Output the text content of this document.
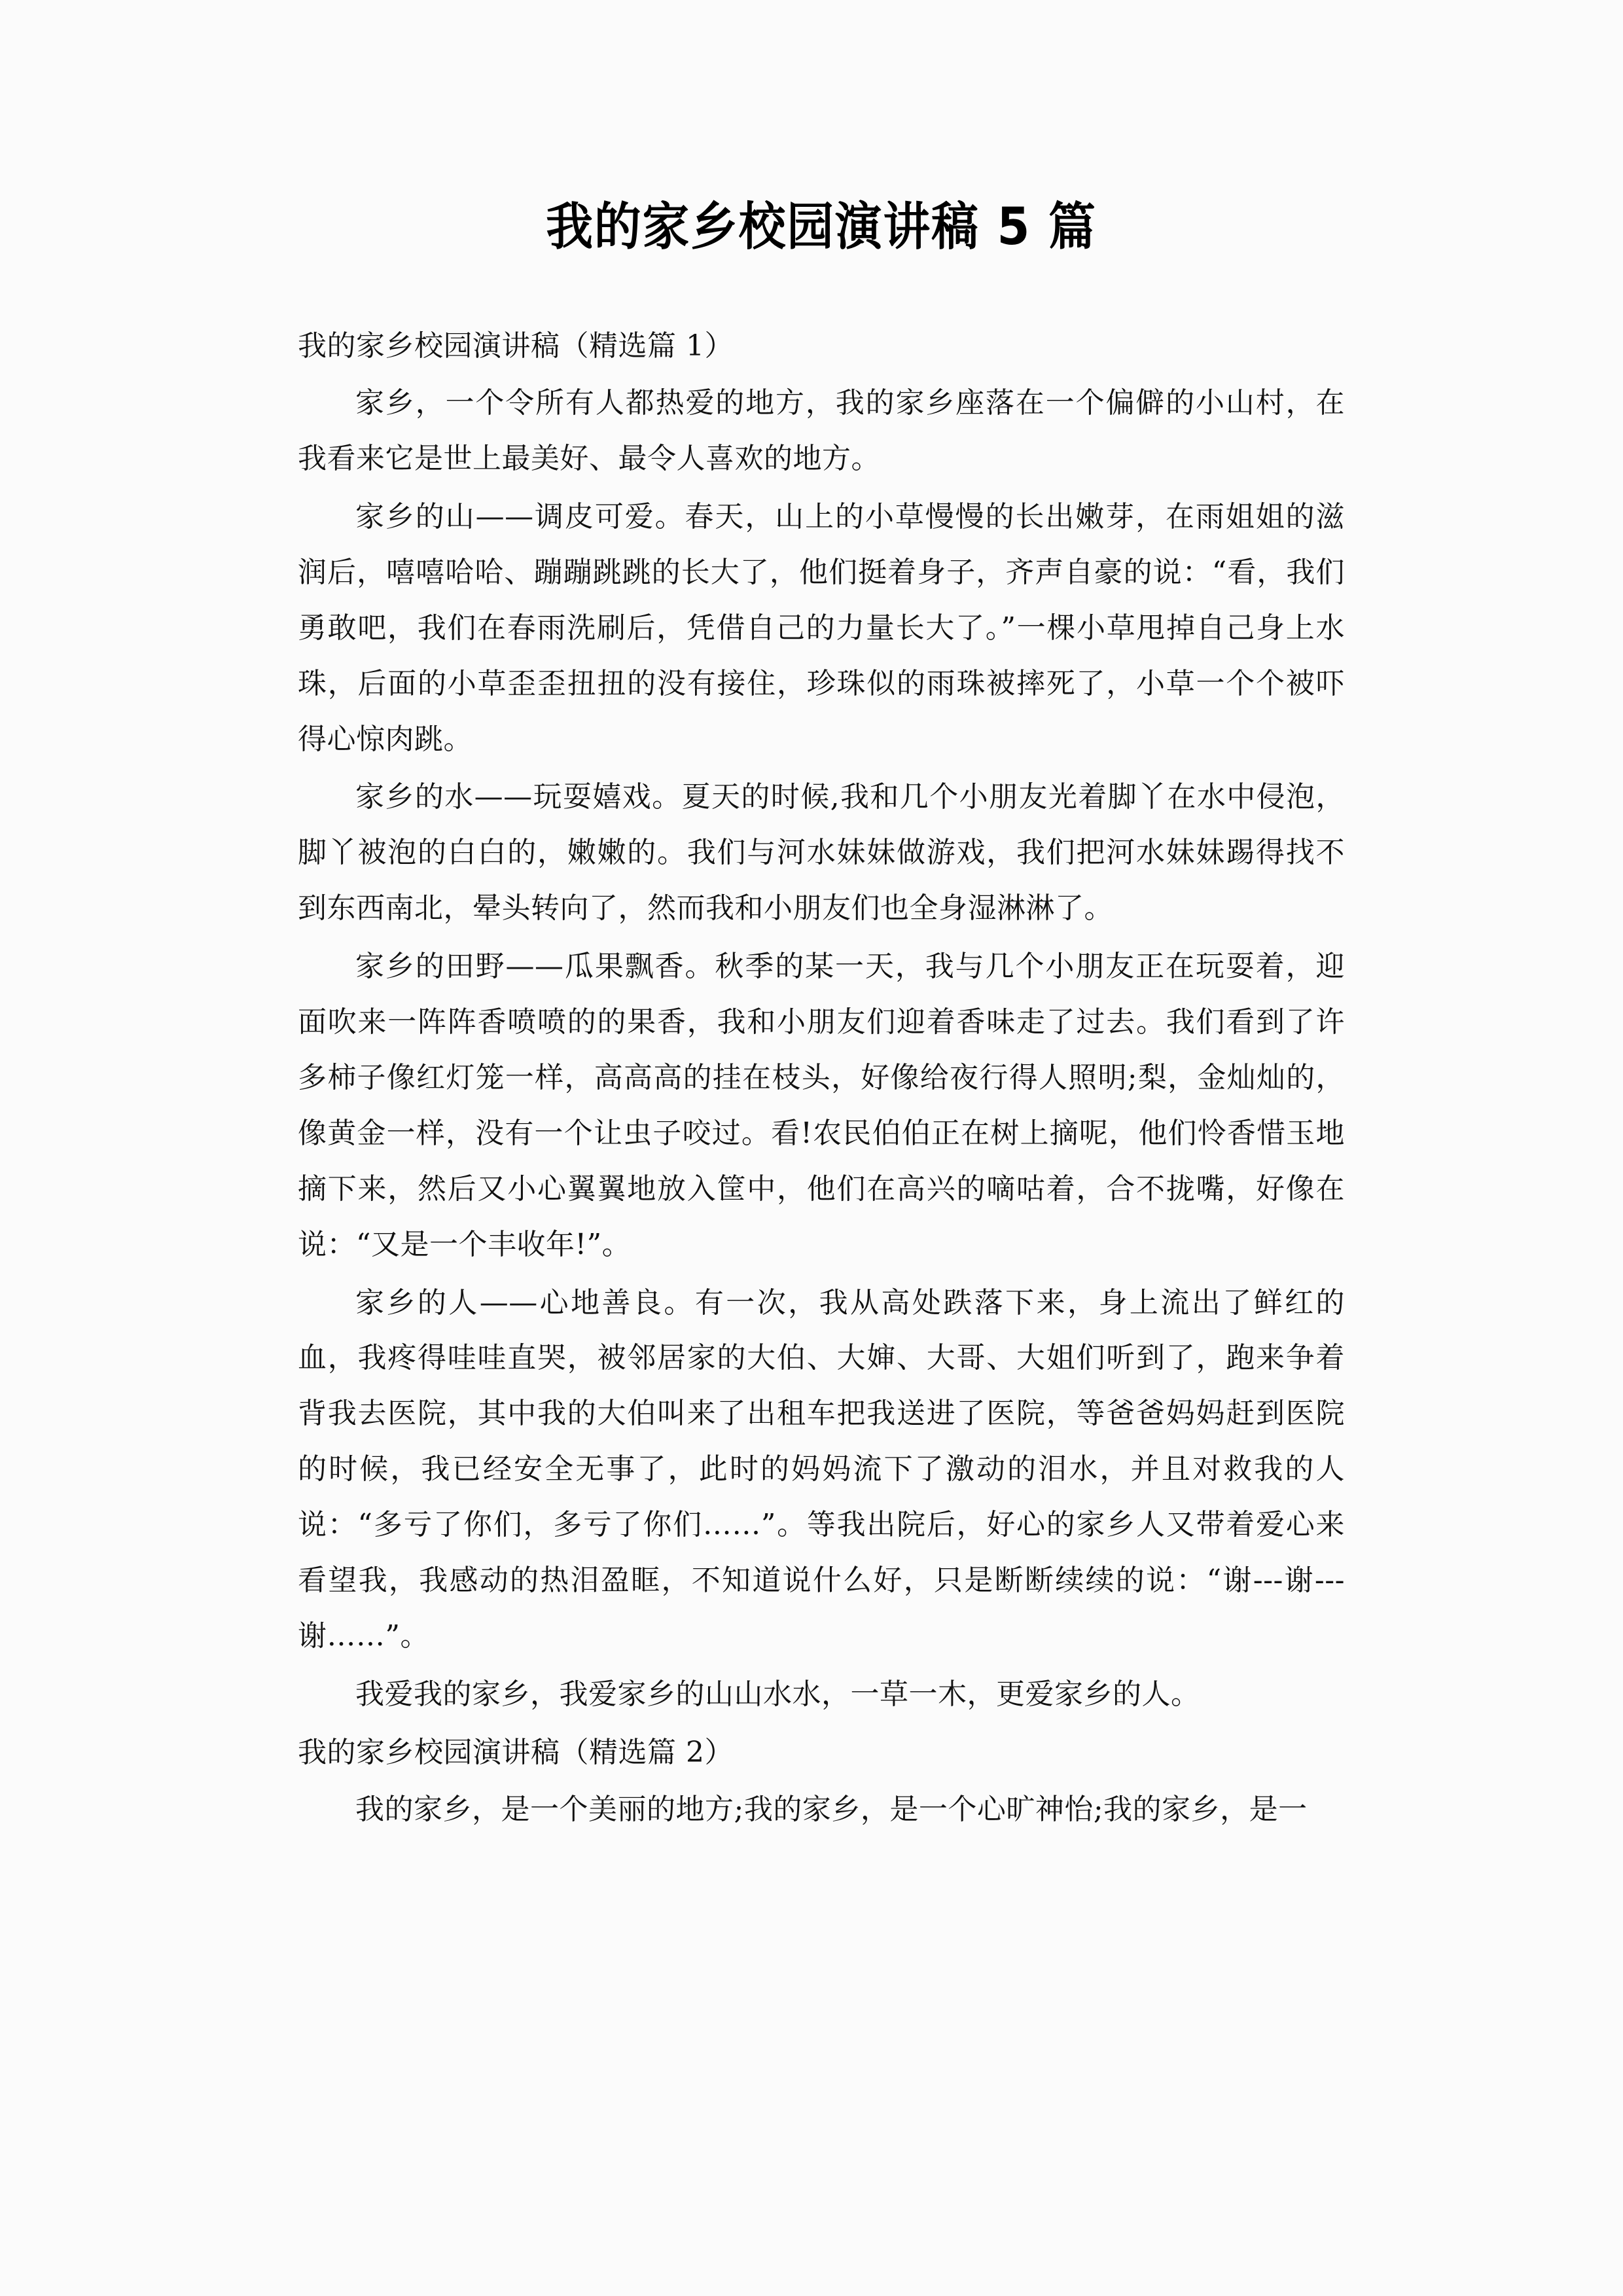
我的家乡校园演讲稿 5 篇

我的家乡校园演讲稿（精选篇 1）

家乡，一个令所有人都热爱的地方，我的家乡座落在一个偏僻的小山村，在我看来它是世上最美好、最令人喜欢的地方。

家乡的山——调皮可爱。春天，山上的小草慢慢的长出嫩芽，在雨姐姐的滋润后，嘻嘻哈哈、蹦蹦跳跳的长大了，他们挺着身子，齐声自豪的说：“看，我们勇敢吧，我们在春雨洗刷后，凭借自己的力量长大了。”一棵小草甩掉自己身上水珠，后面的小草歪歪扭扭的没有接住，珍珠似的雨珠被摔死了，小草一个个被吓得心惊肉跳。

家乡的水——玩耍嬉戏。夏天的时候,我和几个小朋友光着脚丫在水中侵泡，脚丫被泡的白白的，嫩嫩的。我们与河水妹妹做游戏，我们把河水妹妹踢得找不到东西南北，晕头转向了，然而我和小朋友们也全身湿淋淋了。

家乡的田野——瓜果飘香。秋季的某一天，我与几个小朋友正在玩耍着，迎面吹来一阵阵香喷喷的的果香，我和小朋友们迎着香味走了过去。我们看到了许多柿子像红灯笼一样，高高高的挂在枝头，好像给夜行得人照明;梨，金灿灿的，像黄金一样，没有一个让虫子咬过。看!农民伯伯正在树上摘呢，他们怜香惜玉地摘下来，然后又小心翼翼地放入筐中，他们在高兴的嘀咕着，合不拢嘴，好像在说：“又是一个丰收年!”。

家乡的人——心地善良。有一次，我从高处跌落下来，身上流出了鲜红的血，我疼得哇哇直哭，被邻居家的大伯、大婶、大哥、大姐们听到了，跑来争着背我去医院，其中我的大伯叫来了出租车把我送进了医院，等爸爸妈妈赶到医院的时候，我已经安全无事了，此时的妈妈流下了激动的泪水，并且对救我的人说：“多亏了你们，多亏了你们……”。等我出院后，好心的家乡人又带着爱心来看望我，我感动的热泪盈眶，不知道说什么好，只是断断续续的说：“谢---谢---谢……”。

我爱我的家乡，我爱家乡的山山水水，一草一木，更爱家乡的人。

我的家乡校园演讲稿（精选篇 2）

我的家乡，是一个美丽的地方;我的家乡，是一个心旷神怡;我的家乡，是一
